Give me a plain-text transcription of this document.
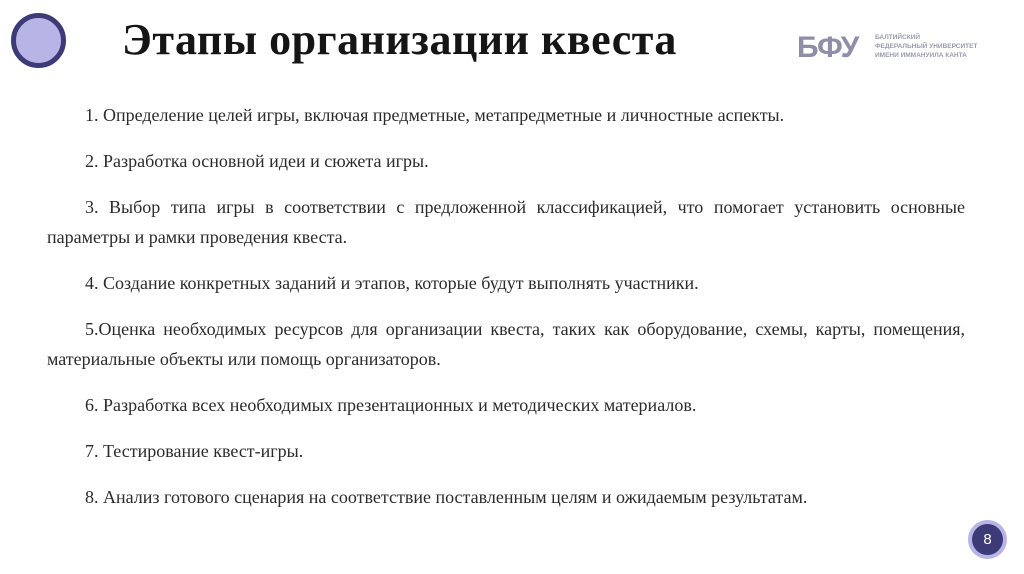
Этапы организации квеста	БФУ	БАЛТИЙСКИЙ
ФЕДЕРАЛЬНЫЙ УНИВЕРСИТЕТ
ИМЕНИ ИММАНУИЛА КАНТА

1. Определение целей игры, включая предметные, метапредметные и личностные аспекты.

2. Разработка основной идеи и сюжета игры.

3. Выбор типа игры в соответствии с предложенной классификацией, что помогает установить основные параметры и рамки проведения квеста.

4. Создание конкретных заданий и этапов, которые будут выполнять участники.

5.Оценка необходимых ресурсов для организации квеста, таких как оборудование, схемы, карты, помещения, материальные объекты или помощь организаторов.

6. Разработка всех необходимых презентационных и методических материалов.

7. Тестирование квест-игры.

8. Анализ готового сценария на соответствие поставленным целям и ожидаемым результатам.

8
